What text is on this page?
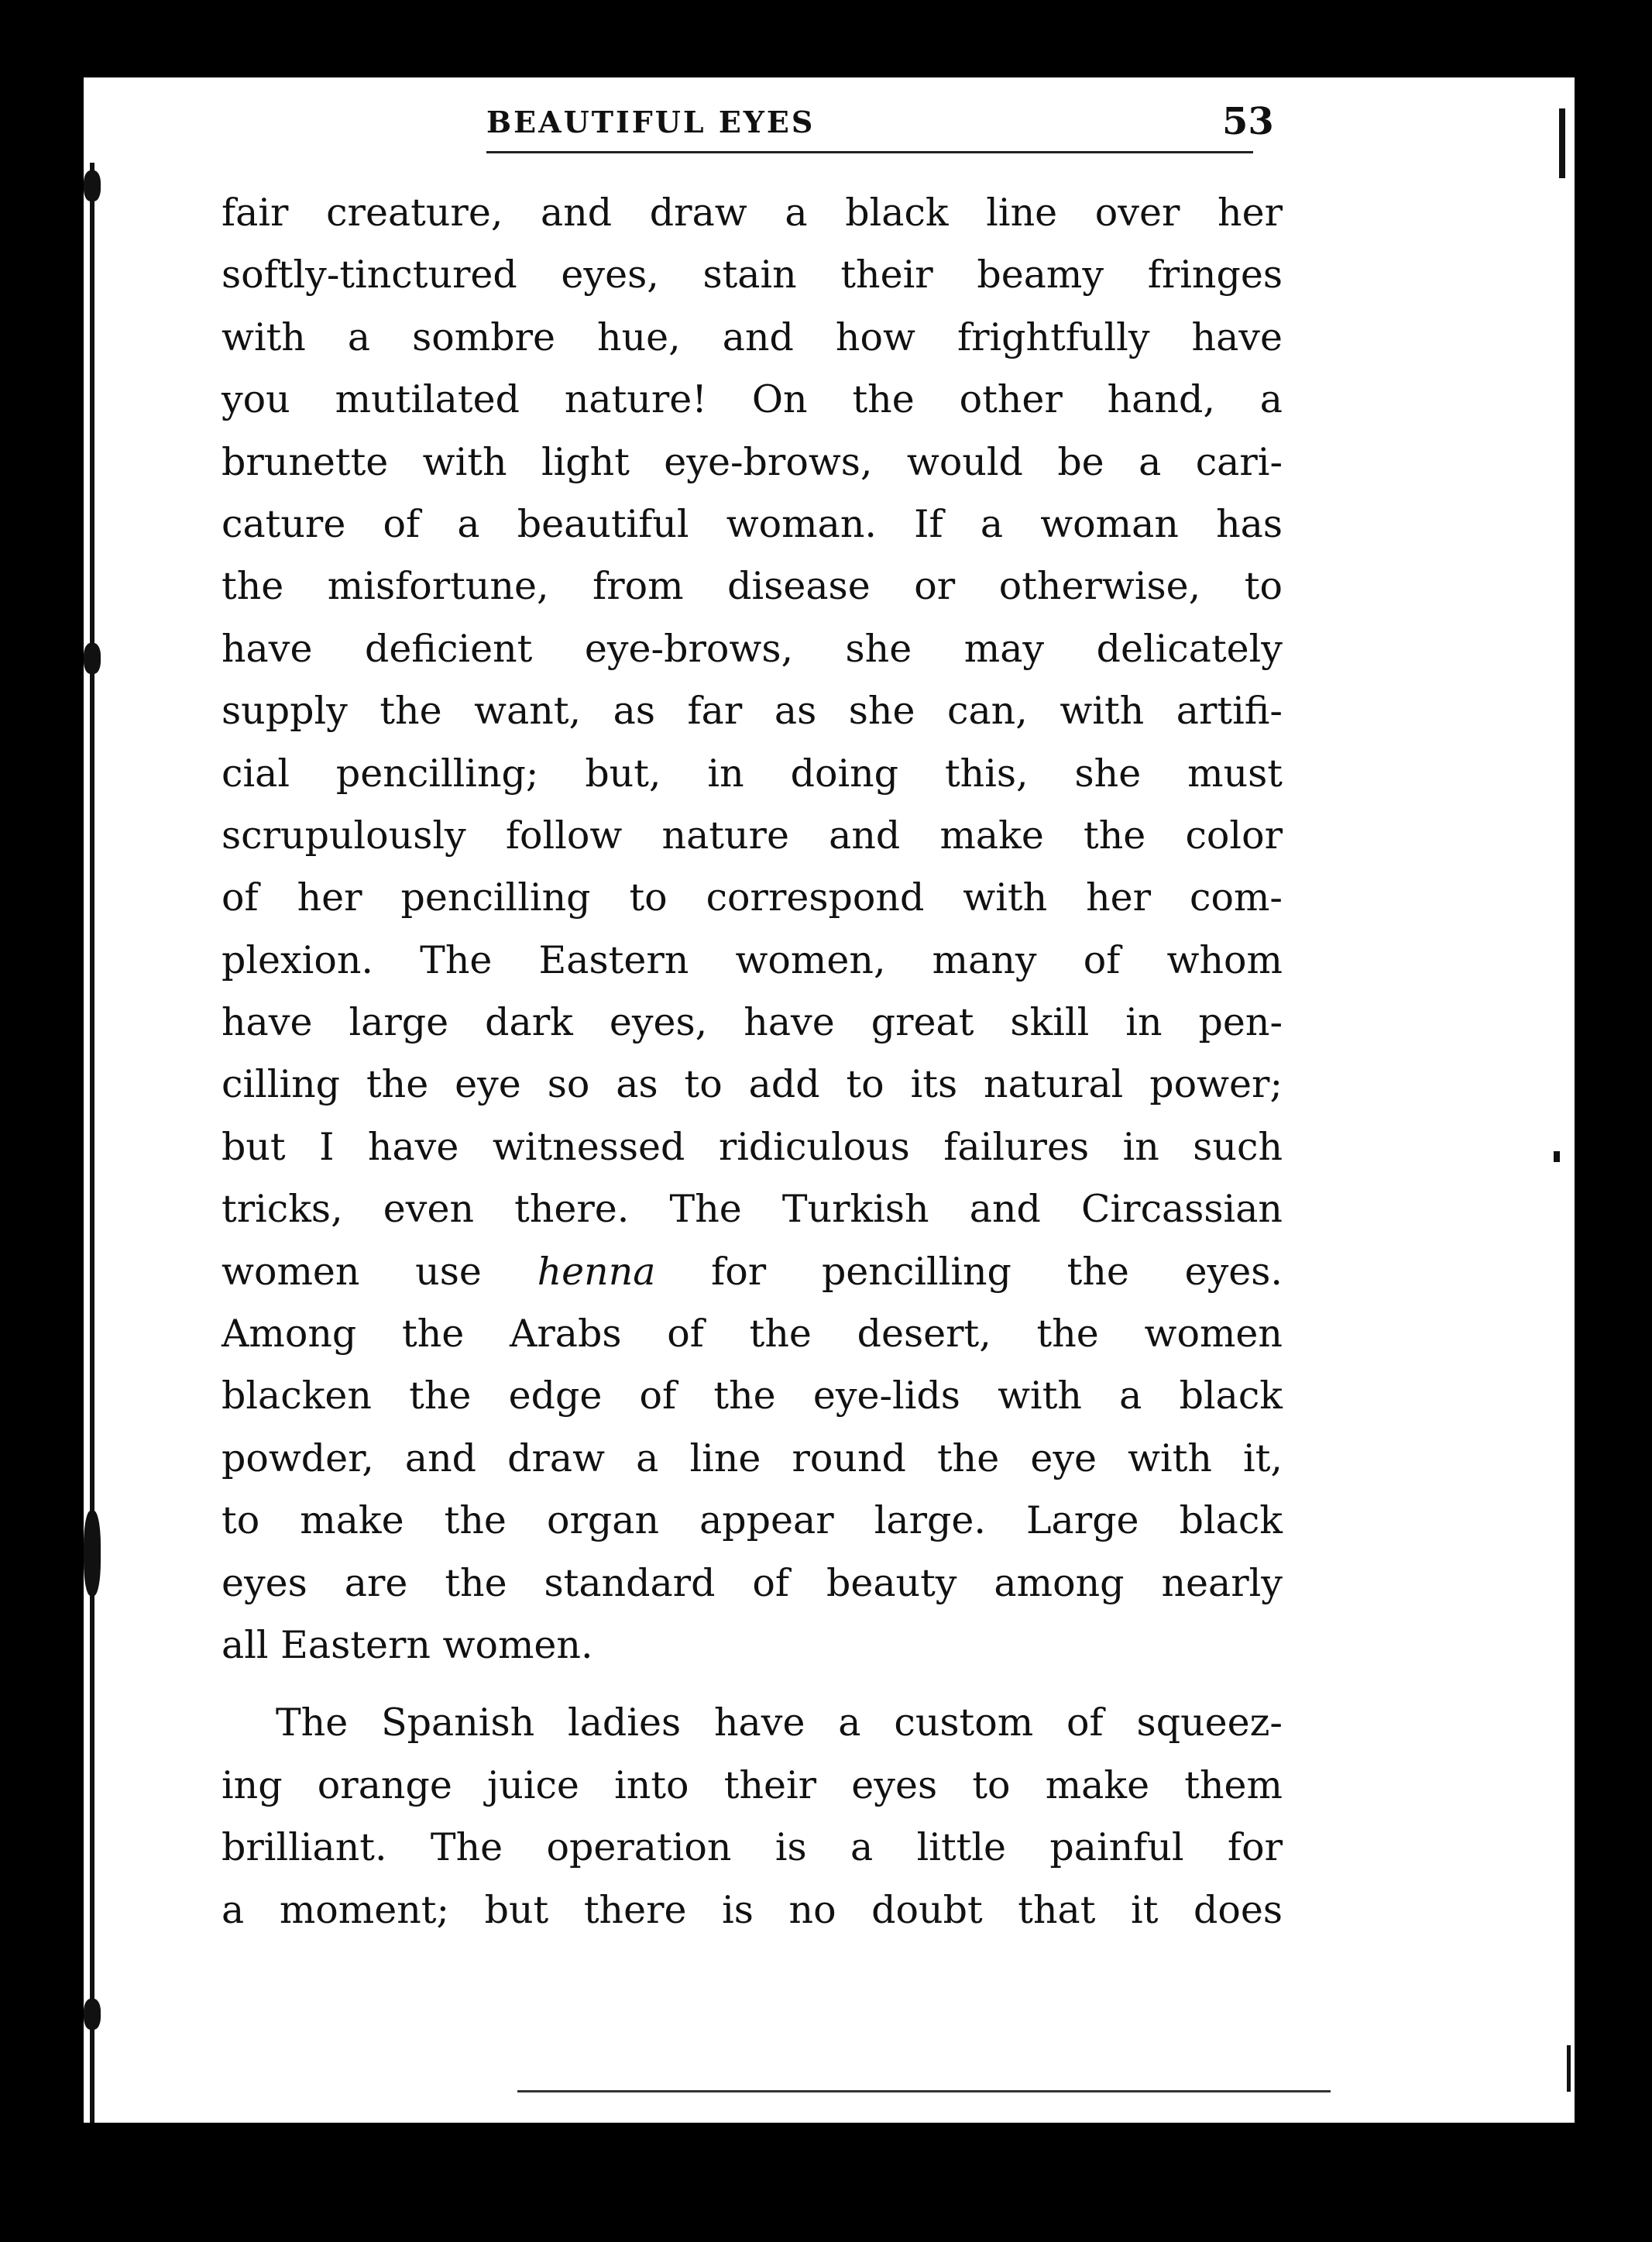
BEAUTIFUL EYES	53
fair creature, and draw a black line over her
softly-tinctured eyes, stain their beamy fringes
with a sombre hue, and how frightfully have
you mutilated nature! On the other hand, a
brunette with light eye-brows, would be a cari-
cature of a beautiful woman. If a woman has
the misfortune, from disease or otherwise, to
have deficient eye-brows, she may delicately
supply the want, as far as she can, with artifi-
cial pencilling; but, in doing this, she must
scrupulously follow nature and make the color
of her pencilling to correspond with her com-
plexion. The Eastern women, many of whom
have large dark eyes, have great skill in pen-
cilling the eye so as to add to its natural power;
but I have witnessed ridiculous failures in such
tricks, even there. The Turkish and Circassian
women use henna for pencilling the eyes.
Among the Arabs of the desert, the women
blacken the edge of the eye-lids with a black
powder, and draw a line round the eye with it,
to make the organ appear large. Large black
eyes are the standard of beauty among nearly
all Eastern women.
The Spanish ladies have a custom of squeez-
ing orange juice into their eyes to make them
brilliant. The operation is a little painful for
a moment; but there is no doubt that it does
